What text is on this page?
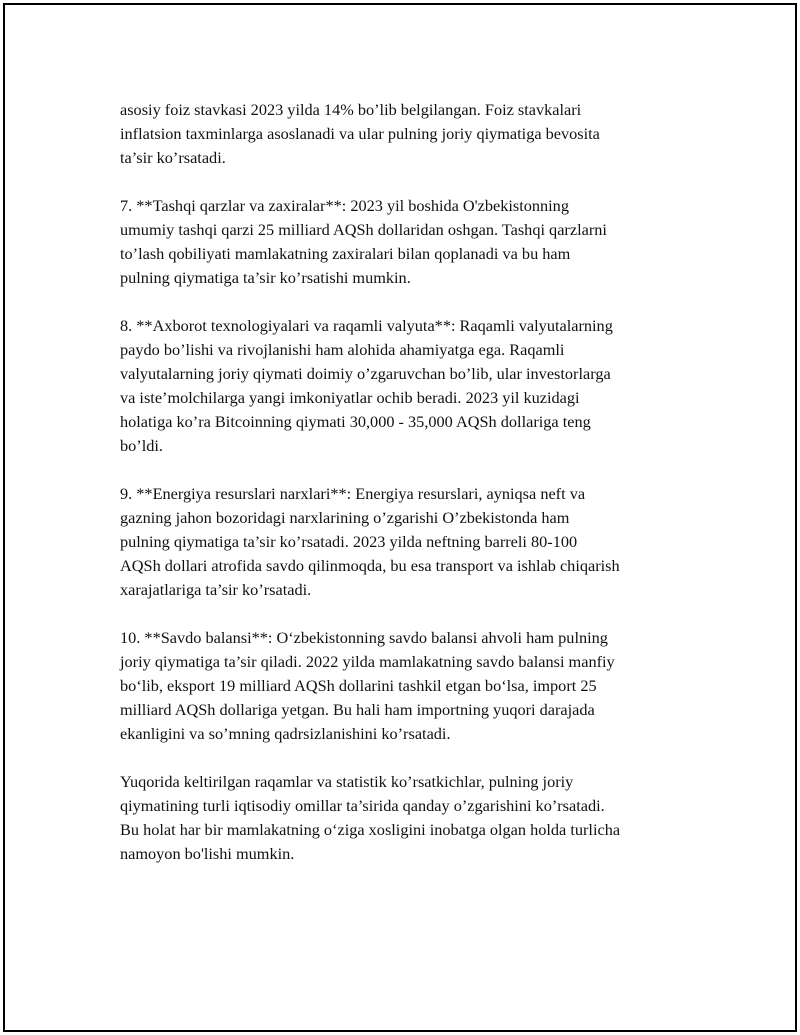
asosiy foiz stavkasi 2023 yilda 14% bo’lib belgilangan. Foiz stavkalari
inflatsion taxminlarga asoslanadi va ular pulning joriy qiymatiga bevosita
ta’sir ko’rsatadi.

7. **Tashqi qarzlar va zaxiralar**: 2023 yil boshida O'zbekistonning
umumiy tashqi qarzi 25 milliard AQSh dollaridan oshgan. Tashqi qarzlarni
to’lash qobiliyati mamlakatning zaxiralari bilan qoplanadi va bu ham
pulning qiymatiga ta’sir ko’rsatishi mumkin.

8. **Axborot texnologiyalari va raqamli valyuta**: Raqamli valyutalarning
paydo bo’lishi va rivojlanishi ham alohida ahamiyatga ega. Raqamli
valyutalarning joriy qiymati doimiy o’zgaruvchan bo’lib, ular investorlarga
va iste’molchilarga yangi imkoniyatlar ochib beradi. 2023 yil kuzidagi
holatiga ko’ra Bitcoinning qiymati 30,000 - 35,000 AQSh dollariga teng
bo’ldi.

9. **Energiya resurslari narxlari**: Energiya resurslari, ayniqsa neft va
gazning jahon bozoridagi narxlarining o’zgarishi O’zbekistonda ham
pulning qiymatiga ta’sir ko’rsatadi. 2023 yilda neftning barreli 80-100
AQSh dollari atrofida savdo qilinmoqda, bu esa transport va ishlab chiqarish
xarajatlariga ta’sir ko’rsatadi.

10. **Savdo balansi**: O‘zbekistonning savdo balansi ahvoli ham pulning
joriy qiymatiga ta’sir qiladi. 2022 yilda mamlakatning savdo balansi manfiy
bo‘lib, eksport 19 milliard AQSh dollarini tashkil etgan bo‘lsa, import 25
milliard AQSh dollariga yetgan. Bu hali ham importning yuqori darajada
ekanligini va so’mning qadrsizlanishini ko’rsatadi.

Yuqorida keltirilgan raqamlar va statistik ko’rsatkichlar, pulning joriy
qiymatining turli iqtisodiy omillar ta’sirida qanday o’zgarishini ko’rsatadi.
Bu holat har bir mamlakatning o‘ziga xosligini inobatga olgan holda turlicha
namoyon bo'lishi mumkin.
